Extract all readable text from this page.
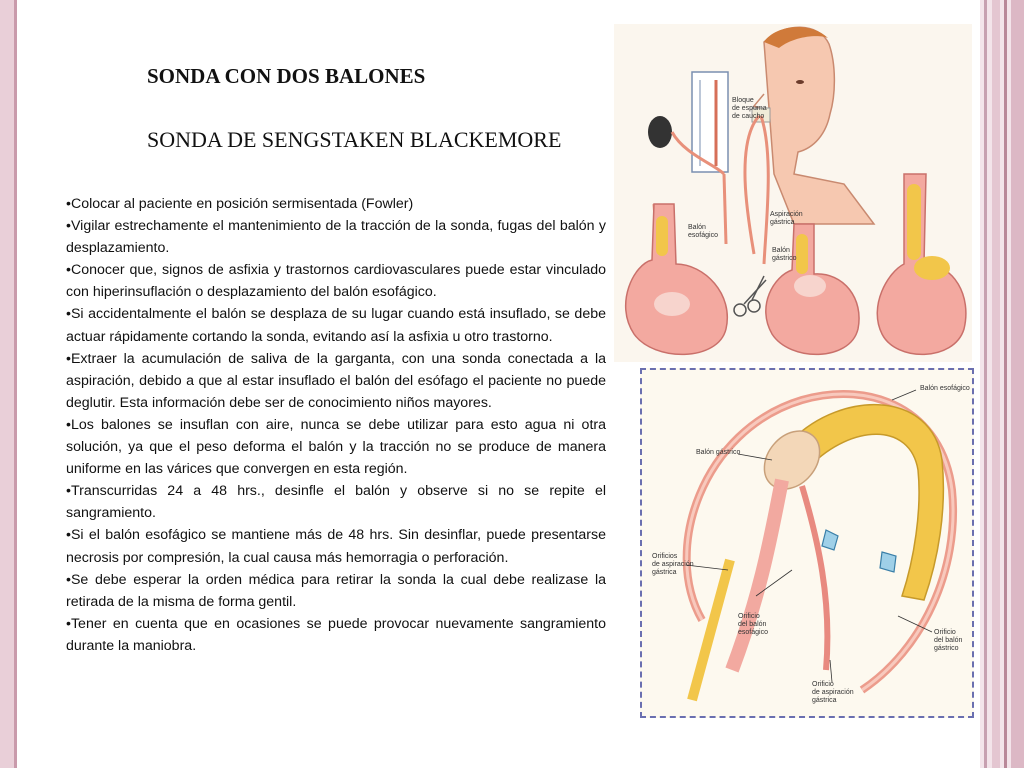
SONDA CON DOS BALONES
SONDA DE SENGSTAKEN BLACKEMORE
• Colocar al paciente en posición sermisentada (Fowler)
• Vigilar estrechamente el mantenimiento de la tracción de la sonda, fugas del balón y desplazamiento.
• Conocer que, signos de asfixia y trastornos cardiovasculares puede estar vinculado con hiperinsuflación o desplazamiento del balón esofágico.
• Si accidentalmente el balón se desplaza de su lugar cuando está insuflado, se debe actuar rápidamente cortando la sonda, evitando así la asfixia u otro trastorno.
• Extraer la acumulación de saliva de la garganta, con una sonda conectada a la aspiración, debido a que al estar insuflado el balón del esófago el paciente no puede deglutir. Esta información debe ser de conocimiento niños mayores.
• Los balones se insuflan con aire, nunca se debe utilizar para esto agua ni otra solución, ya que el peso deforma el balón y la tracción no se produce de manera uniforme en las várices que convergen en esta región.
• Transcurridas 24 a 48 hrs., desinfle el balón y observe si no se repite el sangramiento.
• Si el balón esofágico se mantiene más de 48 hrs. Sin desinflar, puede presentarse necrosis por compresión, la cual causa más hemorragia o perforación.
• Se debe esperar la orden médica para retirar la sonda la cual debe realizase la retirada de la misma de forma gentil.
• Tener en cuenta que en ocasiones se puede provocar nuevamente sangramiento durante la maniobra.
Bloque
de espuma
de caucho
Balón
esofágico
Aspiración
gástrica
Balón
gástrico
Balón esofágico
Balón gástrico
Orificios
de aspiración
gástrica
Orificio
del balón
esofágico	Orificio
del balón
gástrico
Orificio
de aspiración
gástrica
